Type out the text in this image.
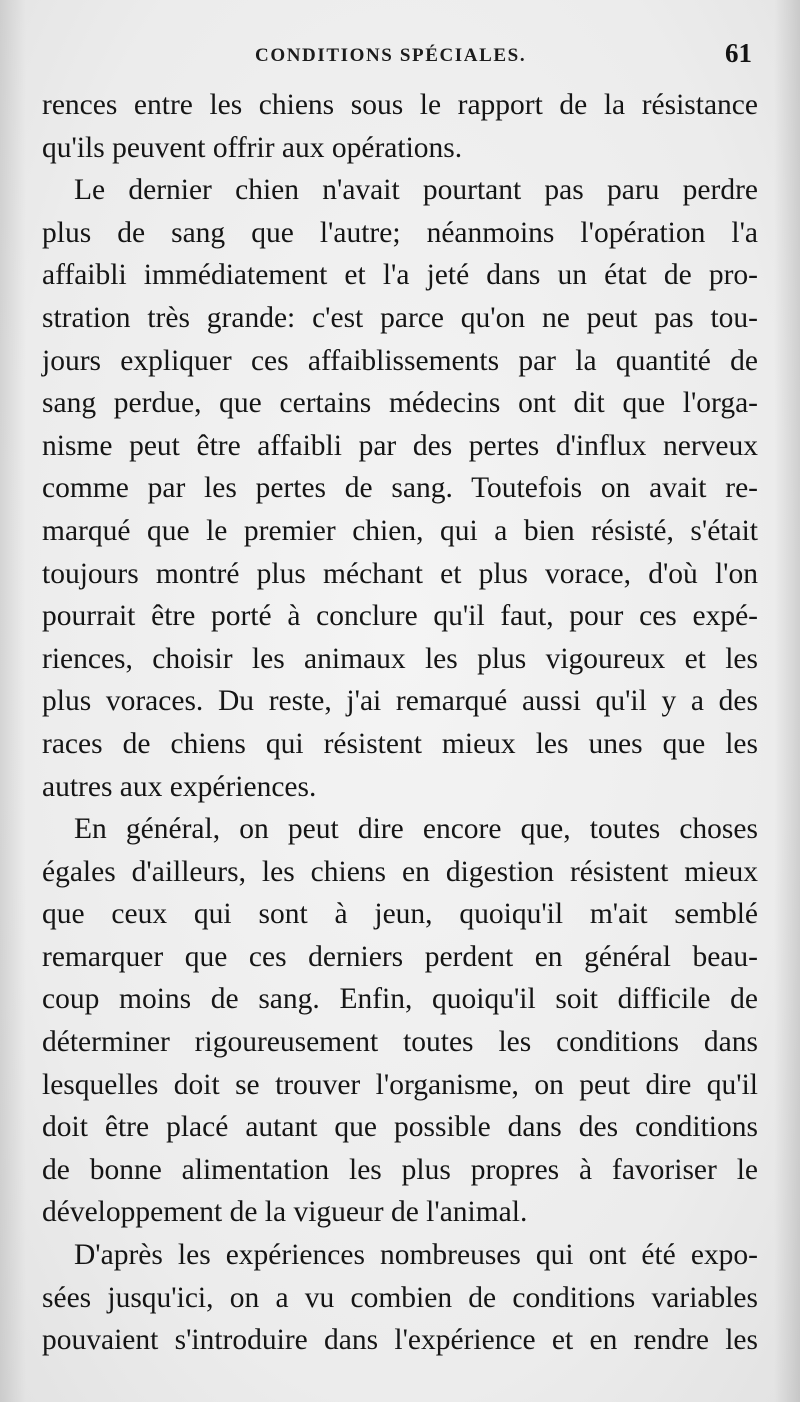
CONDITIONS SPÉCIALES.	61
rences entre les chiens sous le rapport de la résistance
qu'ils peuvent offrir aux opérations.
Le dernier chien n'avait pourtant pas paru perdre
plus de sang que l'autre; néanmoins l'opération l'a
affaibli immédiatement et l'a jeté dans un état de pro-
stration très grande: c'est parce qu'on ne peut pas tou-
jours expliquer ces affaiblissements par la quantité de
sang perdue, que certains médecins ont dit que l'orga-
nisme peut être affaibli par des pertes d'influx nerveux
comme par les pertes de sang. Toutefois on avait re-
marqué que le premier chien, qui a bien résisté, s'était
toujours montré plus méchant et plus vorace, d'où l'on
pourrait être porté à conclure qu'il faut, pour ces expé-
riences, choisir les animaux les plus vigoureux et les
plus voraces. Du reste, j'ai remarqué aussi qu'il y a des
races de chiens qui résistent mieux les unes que les
autres aux expériences.
En général, on peut dire encore que, toutes choses
égales d'ailleurs, les chiens en digestion résistent mieux
que ceux qui sont à jeun, quoiqu'il m'ait semblé
remarquer que ces derniers perdent en général beau-
coup moins de sang. Enfin, quoiqu'il soit difficile de
déterminer rigoureusement toutes les conditions dans
lesquelles doit se trouver l'organisme, on peut dire qu'il
doit être placé autant que possible dans des conditions
de bonne alimentation les plus propres à favoriser le
développement de la vigueur de l'animal.
D'après les expériences nombreuses qui ont été expo-
sées jusqu'ici, on a vu combien de conditions variables
pouvaient s'introduire dans l'expérience et en rendre les
